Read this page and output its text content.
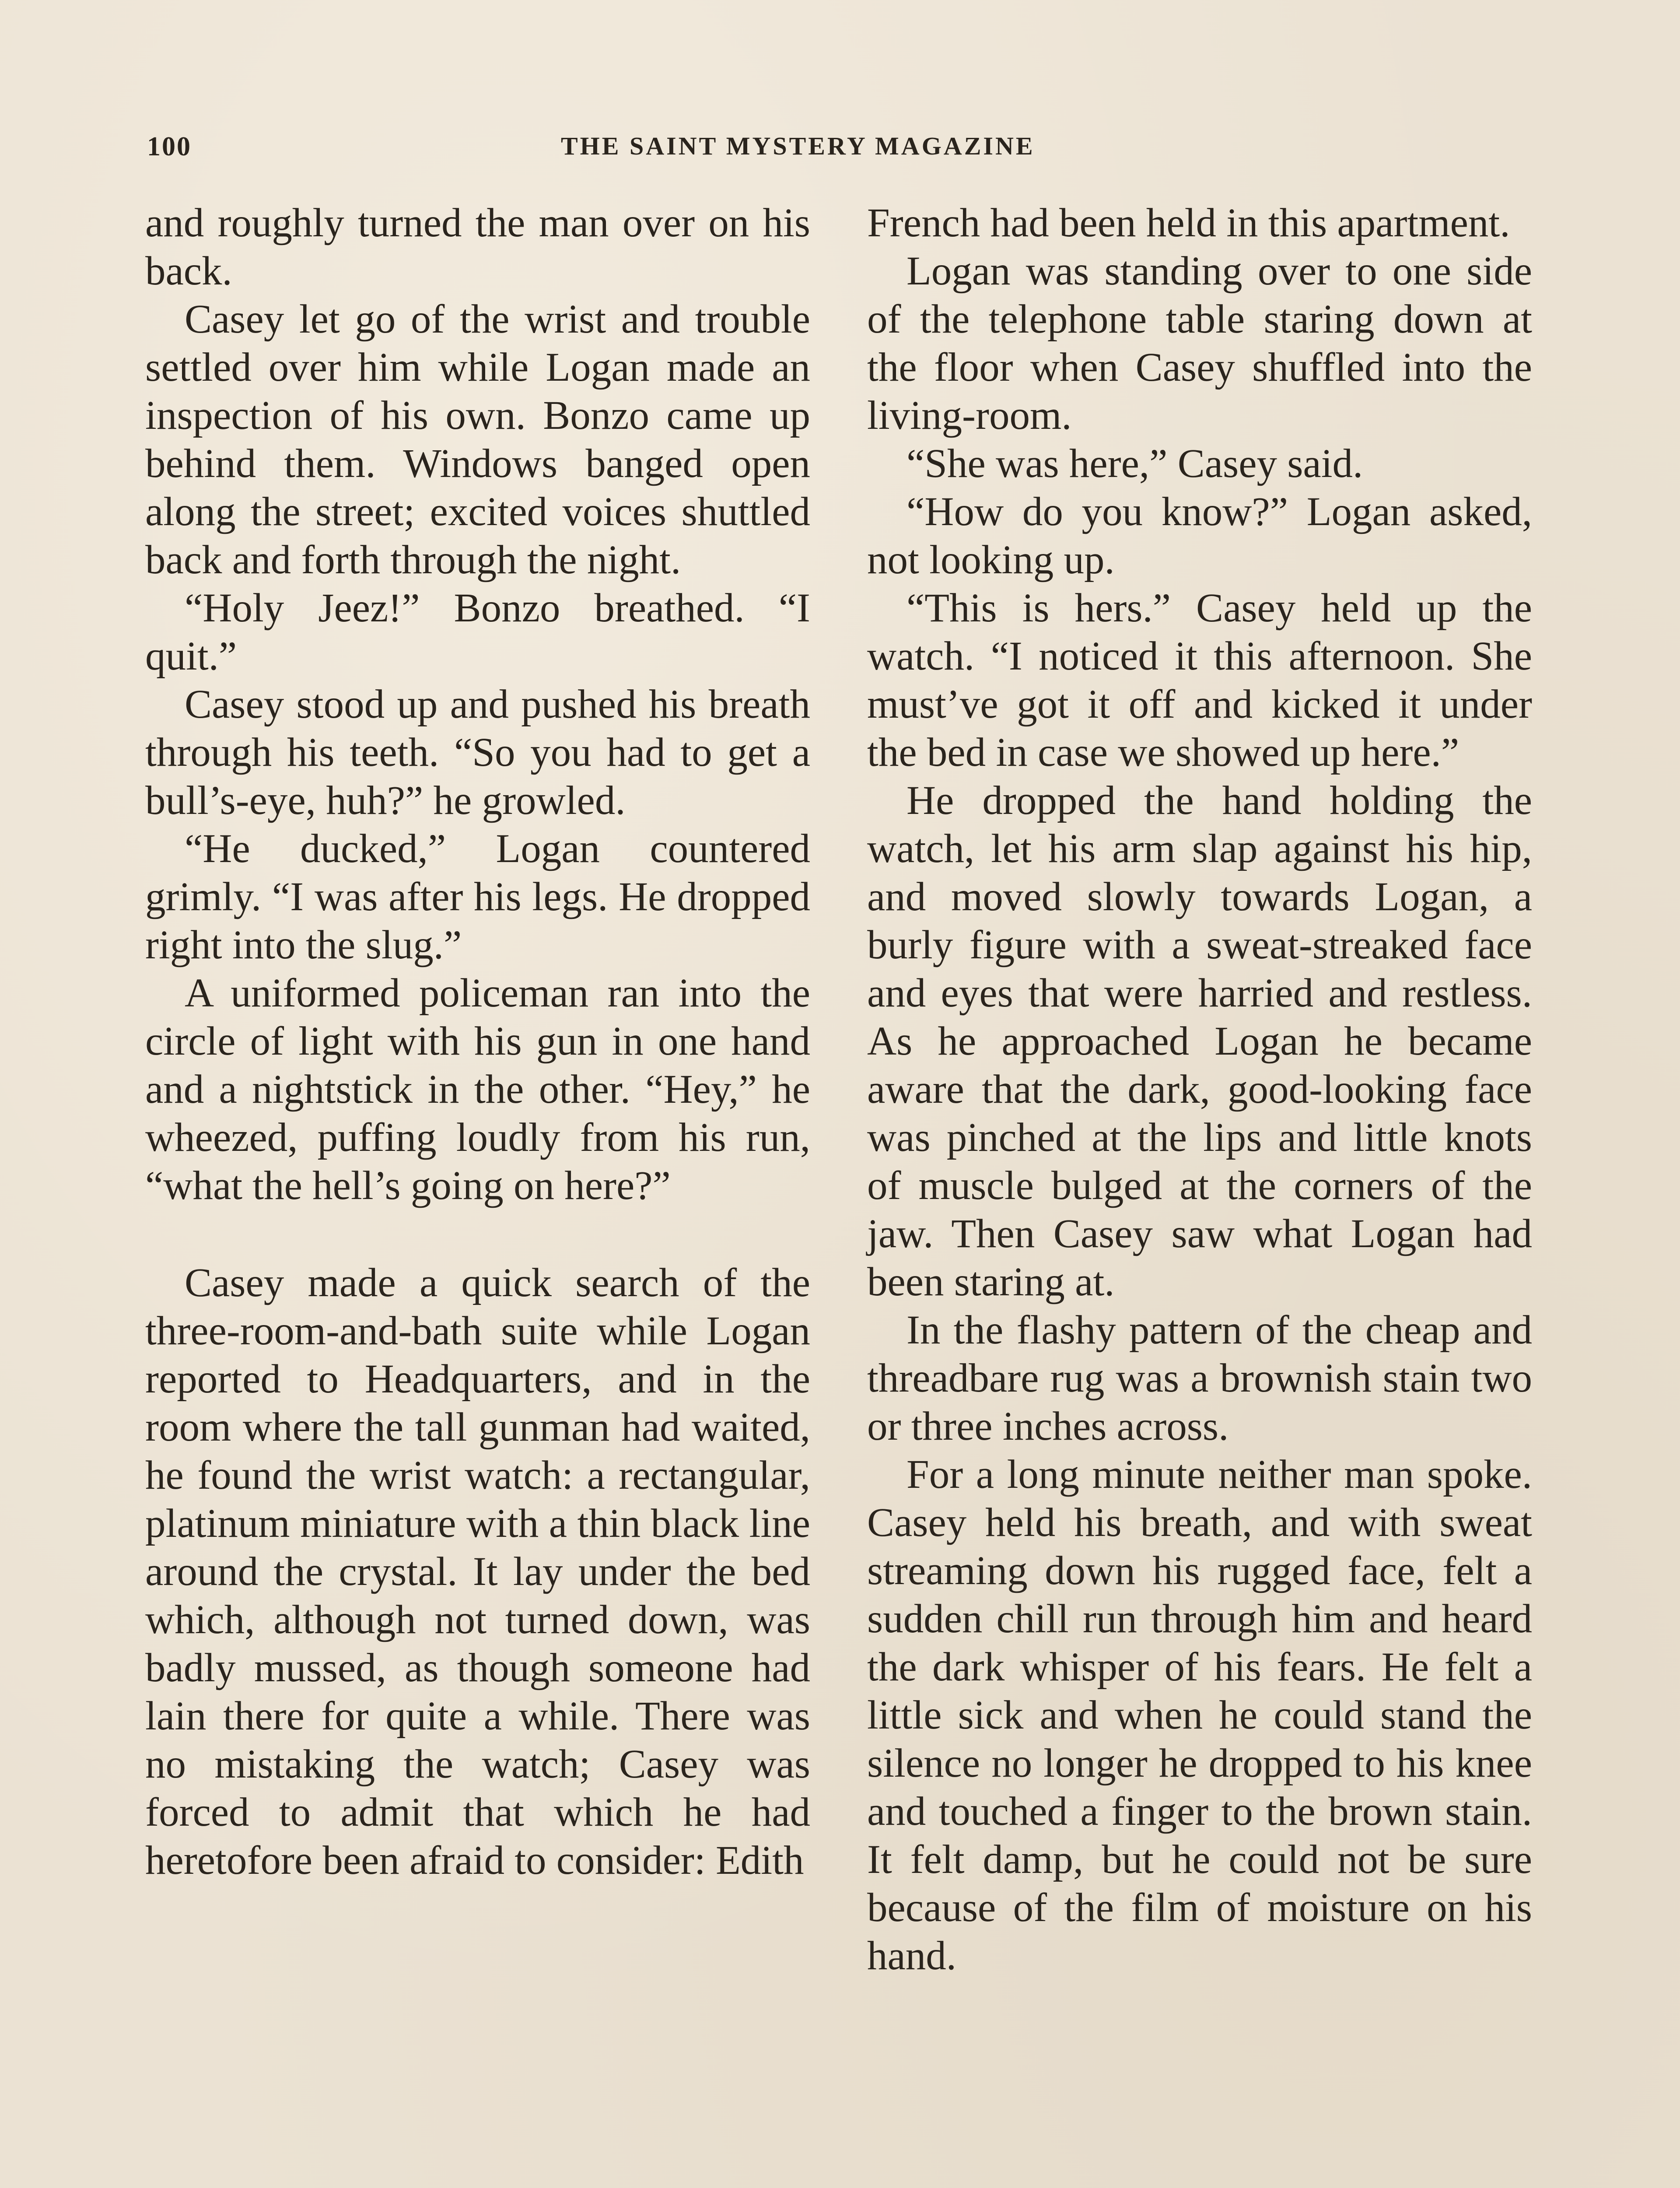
100	THE SAINT MYSTERY MAGAZINE

and roughly turned the man over on his back.

Casey let go of the wrist and trouble settled over him while Logan made an inspection of his own. Bonzo came up behind them. Windows banged open along the street; excited voices shuttled back and forth through the night.

“Holy Jeez!” Bonzo breathed. “I quit.”

Casey stood up and pushed his breath through his teeth. “So you had to get a bull’s-eye, huh?” he growled.

“He ducked,” Logan countered grimly. “I was after his legs. He dropped right into the slug.”

A uniformed policeman ran into the circle of light with his gun in one hand and a nightstick in the other. “Hey,” he wheezed, puffing loudly from his run, “what the hell’s going on here?”

Casey made a quick search of the three-room-and-bath suite while Logan reported to Headquarters, and in the room where the tall gunman had waited, he found the wrist watch: a rectangular, platinum miniature with a thin black line around the crystal. It lay under the bed which, although not turned down, was badly mussed, as though someone had lain there for quite a while. There was no mistaking the watch; Casey was forced to admit that which he had heretofore been afraid to consider: Edith

French had been held in this apartment.

Logan was standing over to one side of the telephone table staring down at the floor when Casey shuffled into the living-room.

“She was here,” Casey said.

“How do you know?” Logan asked, not looking up.

“This is hers.” Casey held up the watch. “I noticed it this afternoon. She must’ve got it off and kicked it under the bed in case we showed up here.”

He dropped the hand holding the watch, let his arm slap against his hip, and moved slowly towards Logan, a burly figure with a sweat-streaked face and eyes that were harried and restless. As he approached Logan he became aware that the dark, good-looking face was pinched at the lips and little knots of muscle bulged at the corners of the jaw. Then Casey saw what Logan had been staring at.

In the flashy pattern of the cheap and threadbare rug was a brownish stain two or three inches across.

For a long minute neither man spoke. Casey held his breath, and with sweat streaming down his rugged face, felt a sudden chill run through him and heard the dark whisper of his fears. He felt a little sick and when he could stand the silence no longer he dropped to his knee and touched a finger to the brown stain. It felt damp, but he could not be sure because of the film of moisture on his hand.
